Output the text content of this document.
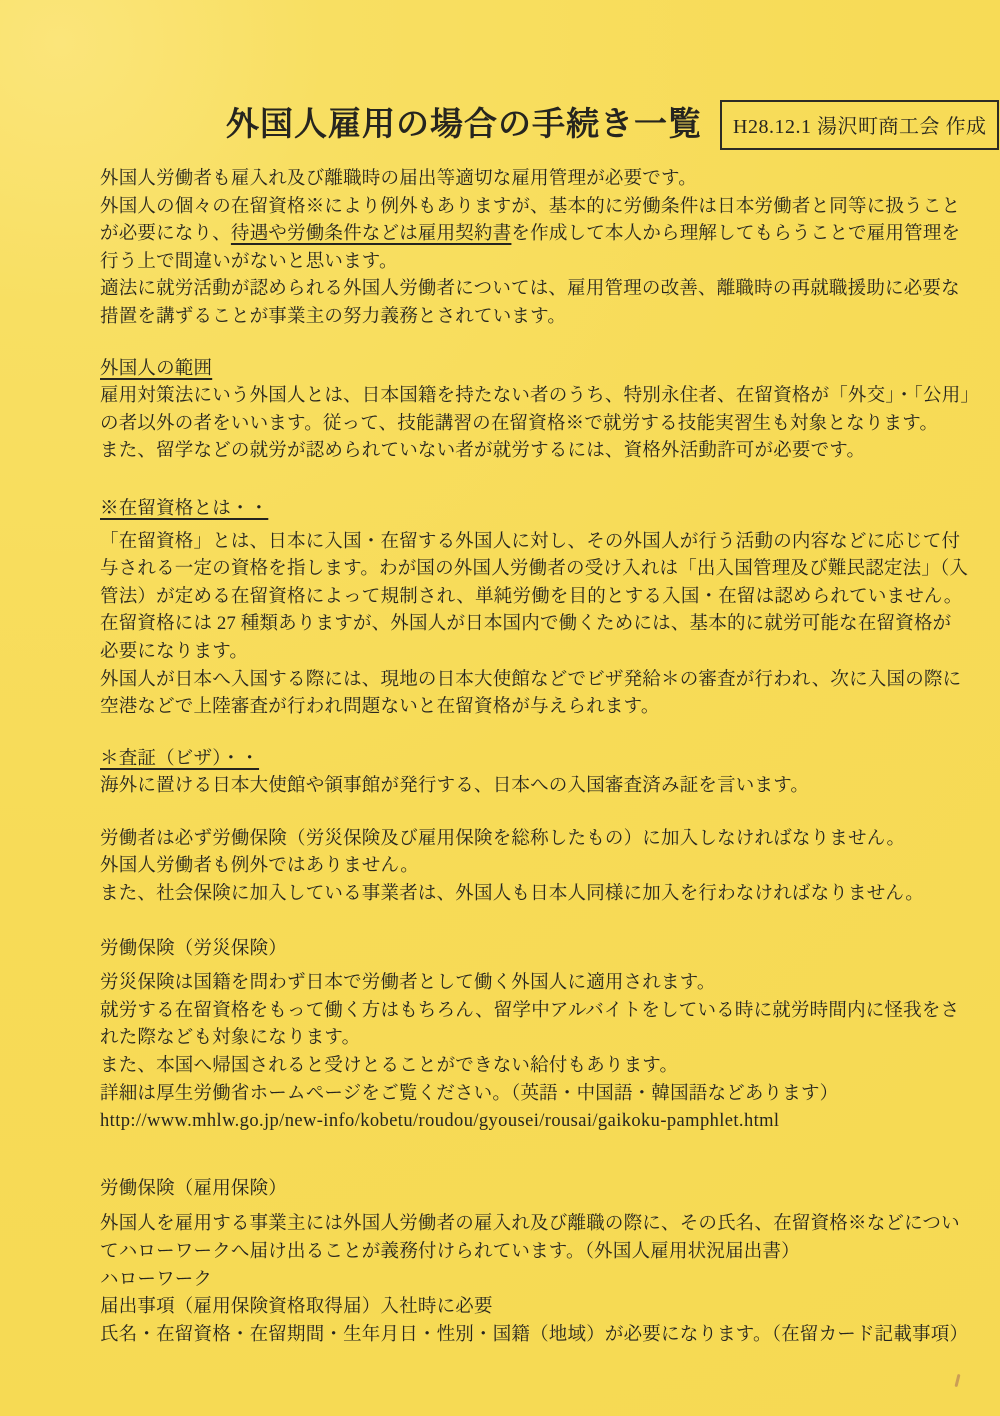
外国人雇用の場合の手続き一覧	H28.12.1 湯沢町商工会 作成
外国人労働者も雇入れ及び離職時の届出等適切な雇用管理が必要です。
外国人の個々の在留資格※により例外もありますが、基本的に労働条件は日本労働者と同等に扱うこと
が必要になり、待遇や労働条件などは雇用契約書を作成して本人から理解してもらうことで雇用管理を
行う上で間違いがないと思います。
適法に就労活動が認められる外国人労働者については、雇用管理の改善、離職時の再就職援助に必要な
措置を講ずることが事業主の努力義務とされています。
外国人の範囲
雇用対策法にいう外国人とは、日本国籍を持たない者のうち、特別永住者、在留資格が「外交」・「公用」
の者以外の者をいいます。従って、技能講習の在留資格※で就労する技能実習生も対象となります。
また、留学などの就労が認められていない者が就労するには、資格外活動許可が必要です。
※在留資格とは・・
「在留資格」とは、日本に入国・在留する外国人に対し、その外国人が行う活動の内容などに応じて付
与される一定の資格を指します。わが国の外国人労働者の受け入れは「出入国管理及び難民認定法」（入
管法）が定める在留資格によって規制され、単純労働を目的とする入国・在留は認められていません。
在留資格には 27 種類ありますが、外国人が日本国内で働くためには、基本的に就労可能な在留資格が
必要になります。
外国人が日本へ入国する際には、現地の日本大使館などでビザ発給＊の審査が行われ、次に入国の際に
空港などで上陸審査が行われ問題ないと在留資格が与えられます。
＊査証（ビザ）・・
海外に置ける日本大使館や領事館が発行する、日本への入国審査済み証を言います。
労働者は必ず労働保険（労災保険及び雇用保険を総称したもの）に加入しなければなりません。
外国人労働者も例外ではありません。
また、社会保険に加入している事業者は、外国人も日本人同様に加入を行わなければなりません。
労働保険（労災保険）
労災保険は国籍を問わず日本で労働者として働く外国人に適用されます。
就労する在留資格をもって働く方はもちろん、留学中アルバイトをしている時に就労時間内に怪我をさ
れた際なども対象になります。
また、本国へ帰国されると受けとることができない給付もあります。
詳細は厚生労働省ホームページをご覧ください。（英語・中国語・韓国語などあります）
http://www.mhlw.go.jp/new-info/kobetu/roudou/gyousei/rousai/gaikoku-pamphlet.html
労働保険（雇用保険）
外国人を雇用する事業主には外国人労働者の雇入れ及び離職の際に、その氏名、在留資格※などについ
てハローワークへ届け出ることが義務付けられています。（外国人雇用状況届出書）
ハローワーク
届出事項（雇用保険資格取得届）入社時に必要
氏名・在留資格・在留期間・生年月日・性別・国籍（地域）が必要になります。（在留カード記載事項）
